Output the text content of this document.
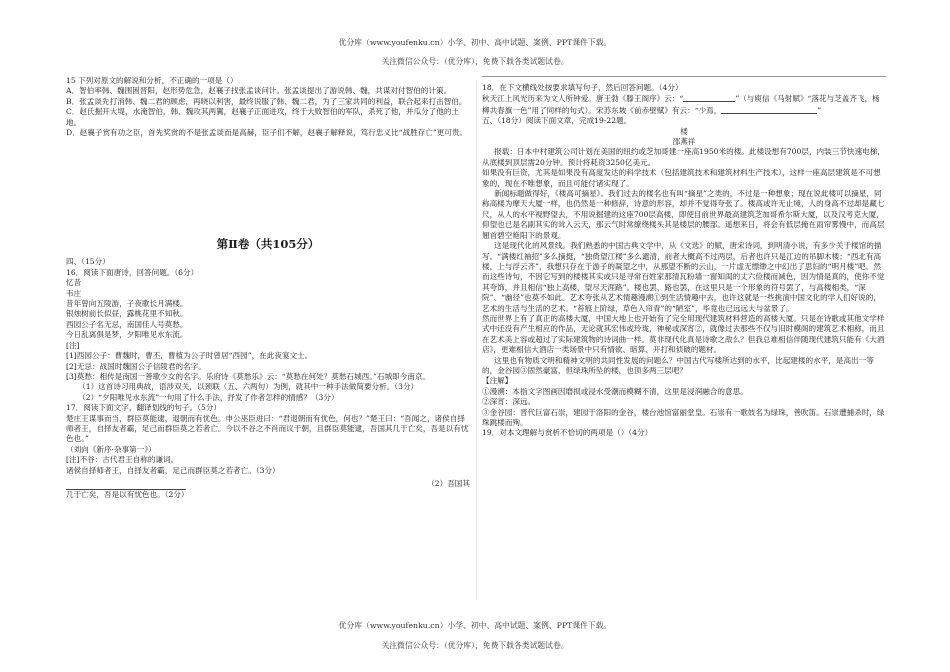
优分库（www.youfenku.cn）小学、初中、高中试题、案例、PPT课件下载。
关注微信公众号：（优分库），免费下载各类试题试卷。

15 下列对原文的解说和分析，不正确的一项是（）

A．智伯率韩、魏围困晋阳，赵形势危急，赵襄子找张孟谈问计。张孟谈提出了游说韩、魏，共谋对付智伯的计策。

B．张孟谈先打消韩、魏二君的顾虑，再晓以利害，最终说服了韩、魏二君，为了三家共同的利益，联合起来打击智伯。

C．赵氏掘开大堤，水淹智伯，韩、魏攻其两翼，赵襄子正面进攻，终于大败智伯的军队，杀死了他，并瓜分了他的土地。

D．赵襄子赏有功之臣，首先奖赏的不是张孟谈而是高赫，臣子们不解，赵襄子解释说，笃行忠义比“战胜存亡”更可贵。

第Ⅱ卷（共105分）

四、（15分）

16．阅读下面唐诗，回答问题。（6分）

忆昔

韦庄

昔年曾向五陵游，子夜歌长月满楼。

银烛树前长似昼，露桃花里不知秋。

西园公子名无忌，南国佳人号莫愁。

今日乱离俱是梦，夕阳唯见水东流。

[注]

[1]西园公子：曹魏时，曹丕，曹植为公子时曾居“西园”，在此夜宴文士。

[2]无忌：战国时魏国公子信陵君的名字。

[3]莫愁：相传是南国一善歌少女的名字。乐府诗《莫愁乐》云：“莫愁在何处？莫愁石城西。”石城即今南京。

（1）这首诗习用典故，语涉双关，以颈联（五、六两句）为例，就其中一种手法做简要分析。（3分）

（2）“夕阳唯见水东流”一句用了什么手法，抒发了作者怎样的情感？（3分）

17．阅读下面文字，翻译划线的句子。（5分）

楚庄王谋事而当，群臣莫能逮，退朝而有忧色。申公巫臣进曰：“君退朝而有忧色，何也？”楚王曰：“吾闻之，诸侯自择师者王，自择友者霸，足己而群臣莫之若者亡。今以不谷之不肖而议于朝，且群臣莫能逮，吾国其几于亡矣，吾是以有忧色也。”

（刘向《新序·杂事第一》）

[注]不谷：古代君王自称的谦词。

诸侯自择师者王，自择友者霸，足己而群臣莫之若者亡。（3分）

（2）吾国其

几于亡矣，吾是以有忧色也。（2分）

18．在下文横线处按要求填写句子，然后回答问题。（4分）

秋天江上风光历来为文人所钟爱。唐王勃《滕王阁序》云：“	”（与庾信《马射赋》“落花与芝盖齐飞，杨柳共春旗一色”用了同样的句式）。宋苏东坡《前赤壁赋》有云：“少焉，	”

五、（18分）阅读下面文章，完成19-22题。

楼

邵燕祥

报载：日本中村建筑公司计划在美国的纽约或芝加哥建一座高1950米的楼。此楼设想有700层，内装三节快速电梯，从底楼到顶层需20分钟。预计将耗资3250亿美元。

如果没有巨资，尤其是如果没有高度发达的科学技术（包括建筑技术和建筑材料生产技术），这样一座高层建筑是不可想象的，现在不唯想象，而且可能付诸实现了。

新闻标题做得好，《楼高可摘星》。我们过去的楼名也有叫“摘星”之类的，不过是一种想象；现在说此楼可以摘星，同称高楼为摩天大厦一样，也仍然是一种修辞，诗意的形容，却并不觉得夸张了。楼高或许无止境，人的身高不过却是藏七尺，从人的水平视野望去，不用说掘建的这座700层高楼，即使目前世界最高建筑芝加哥希尔斯大厦，以及汉考克大厦，仰望也已是名副其实的耸入云天，那云气时常缭绕楼头其是楼层的腰部。遥想来日，将会有低层掩在雨帘雾慢中，而高层翘首碧空艳阳下的景观。

这是现代化的风景线。我们熟悉的中国古典文学中，从《文选》的赋，唐宋诗词，到明清小说，有多少关于楼馆的描写。“满楼红袖招”多么摘挺，“独倚望江楼”多么谴清，前者大概高不过两层，后者也许只是江边的吊脚木楼；“西北有高楼，上与浮云齐”，我想只存在于游子的凝望之中，从那望不断的云山，一片虚无缥缈之中幻出了思妇的“明月楼”吧。然而这些诗句，不因它写到的楼楼其实或只是寻常百姓家那清瓦粉墙一窗知闺的丈六俭楼而减色，因为情是真的，使你不觉其夸饰，并且相信“独上高楼，望尽天涯路”。楼也罢，路也罢，在这里只是一个形象的符号罢了，与高楼相类，“深院”、“幽径”也莫不如此。艺术夸张从艺术情趣漫溯①到生活情趣中去，也许这就是一些挑演中国文化的学人们好说的，艺术的生活与生活的艺术。“苔痕上阶绿，草色入帘青”的“陋室”，毕竟也已远远大与盆景了。

然而世界上有了真正的高楼大厦，中国大地上也开始有了完全用现代建筑材料营造的高楼大厦。只是在诗歌或其他文学样式中还没有产生相应的作品，无论就其宏伟或玲珑，神秘或深宵②，就像过去那些不仅与旧时模阁的建筑艺术相称，而且在艺术美上容或超过了实际建筑物的诗词曲一样。莫非现代化真是诗歌之敌么？但我总难相信伴随现代建筑只能有《大酒店》，更难相信大酒店一类场景中只有情欲、暗算、开打和侦破的题材。

这里也有物质文明和精神文明的共同性发展的问题么？中国古代写楼所达到的水平，比起建楼的水平，是高出一等的，金谷园③固然豪富，但绿珠所坠的楼，也顶多两三层吧？

【注解】

①漫溯：本指文字图画因磨损或浸水受潮而模糊不清，这里是浸润融合的意思。

②深宵：深远。

③金谷园：晋代巨富石崇，建园于洛阳的金谷，楼台池馆富丽堂皇。石崇有一歌妓名为绿珠，善吹笛。石崇遭捕杀时，绿珠跳楼而殉。

19．对本文理解与赏析不恰切的两项是（）（4分）

优分库（www.youfenku.cn）小学、初中、高中试题、案例、PPT课件下载。
关注微信公众号：（优分库），免费下载各类试题试卷。
